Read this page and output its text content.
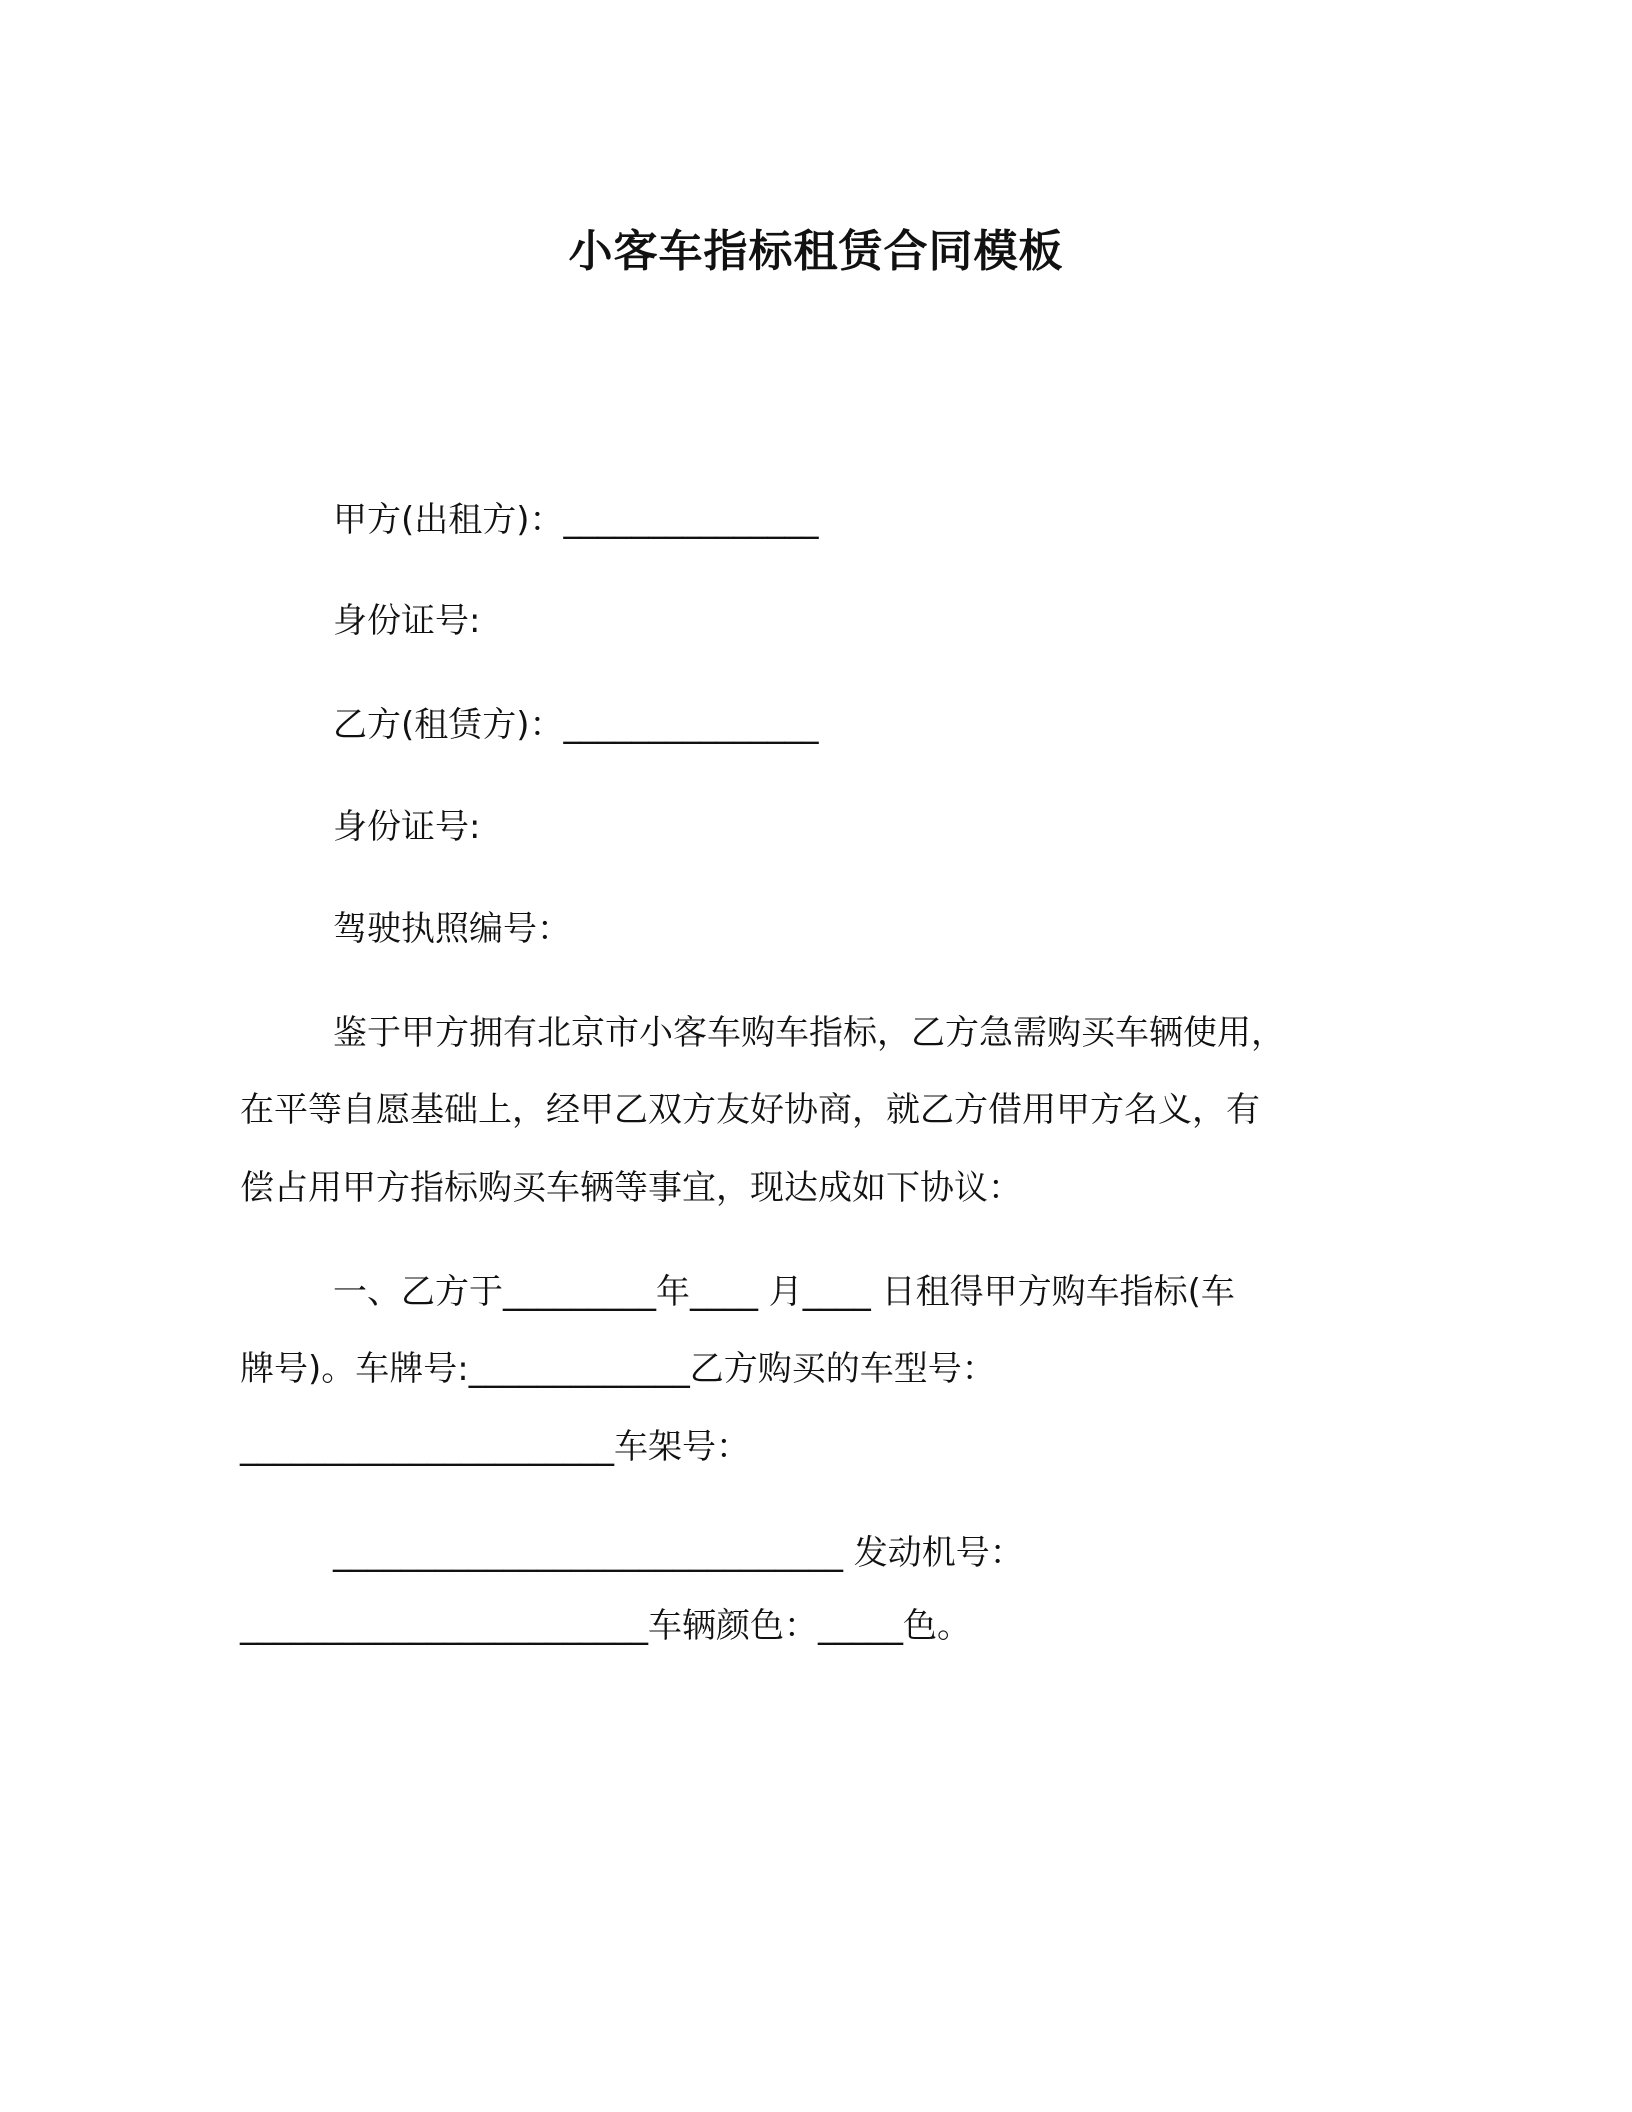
小客车指标租赁合同模板
甲方(出租方)：_______________
身份证号:
乙方(租赁方)：_______________
身份证号:
驾驶执照编号：
鉴于甲方拥有北京市小客车购车指标，乙方急需购买车辆使用，
在平等自愿基础上，经甲乙双方友好协商，就乙方借用甲方名义，有
偿占用甲方指标购买车辆等事宜，现达成如下协议：
一、乙方于_________年____ 月____ 日租得甲方购车指标(车
牌号)。车牌号:_____________乙方购买的车型号：
______________________车架号：
______________________________ 发动机号：
________________________车辆颜色：_____色。
